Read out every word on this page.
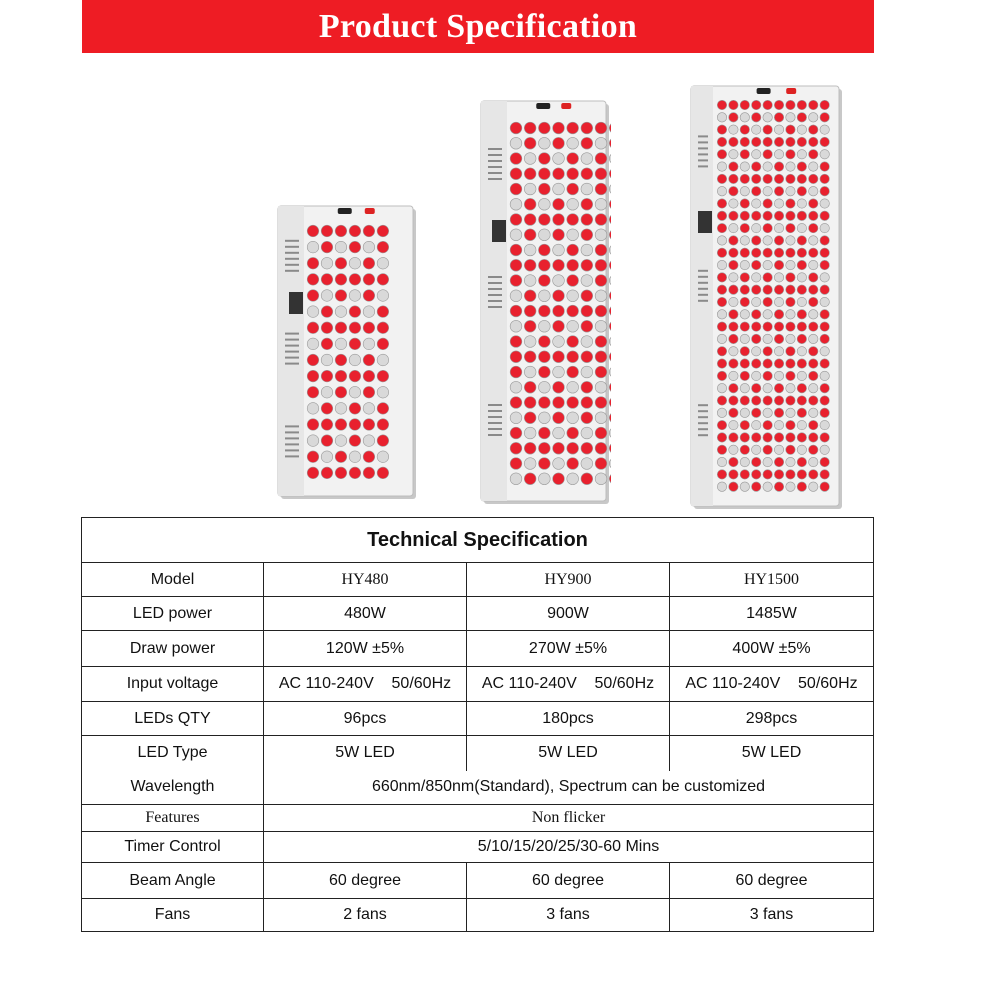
Product Specification
Technical Specification			
Model	HY480	HY900	HY1500
LED power	480W	900W	1485W
Draw power	120W ±5%	270W ±5%	400W ±5%
Input voltage	AC 110-240V    50/60Hz	AC 110-240V    50/60Hz	AC 110-240V    50/60Hz
LEDs QTY	96pcs	180pcs	298pcs
LED Type	5W LED	5W LED	5W LED
Wavelength	660nm/850nm(Standard), Spectrum can be customized		
Features	Non flicker		
Timer Control	5/10/15/20/25/30-60 Mins		
Beam Angle	60 degree	60 degree	60 degree
Fans	2 fans	3 fans	3 fans
